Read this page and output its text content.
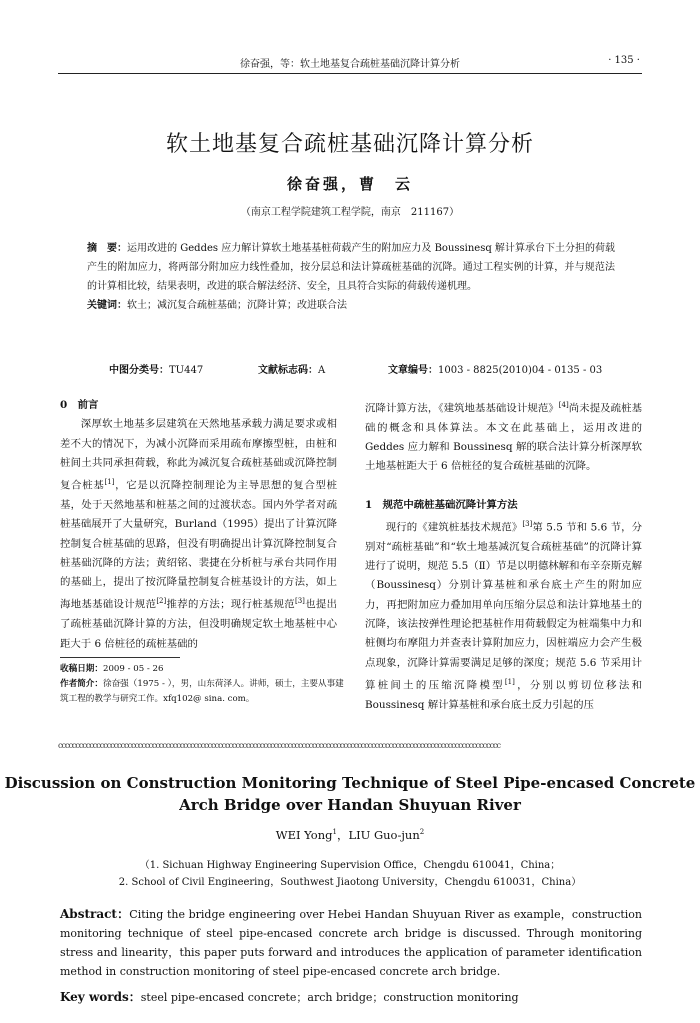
徐奋强，等：软土地基复合疏桩基础沉降计算分析	· 135 ·
软土地基复合疏桩基础沉降计算分析
徐奋强，曹　云
（南京工程学院建筑工程学院，南京　211167）
摘　要：运用改进的 Geddes 应力解计算软土地基基桩荷载产生的附加应力及 Boussinesq 解计算承台下土分担的荷载产生的附加应力，将两部分附加应力线性叠加，按分层总和法计算疏桩基础的沉降。通过工程实例的计算，并与规范法的计算相比较，结果表明，改进的联合解法经济、安全，且具符合实际的荷载传递机理。
关键词：软土；减沉复合疏桩基础；沉降计算；改进联合法
中图分类号：TU447	文献标志码：A	文章编号：1003 - 8825(2010)04 - 0135 - 03

0　前言

深厚软土地基多层建筑在天然地基承载力满足要求或相差不大的情况下，为减小沉降而采用疏布摩擦型桩，由桩和桩间土共同承担荷载，称此为减沉复合疏桩基础或沉降控制复合桩基[1]，它是以沉降控制理论为主导思想的复合型桩基，处于天然地基和桩基之间的过渡状态。国内外学者对疏桩基础展开了大量研究，Burland（1995）提出了计算沉降控制复合桩基础的思路，但没有明确提出计算沉降控制复合桩基础沉降的方法；黄绍铭、裴捷在分析桩与承台共同作用的基础上，提出了按沉降量控制复合桩基设计的方法，如上海地基基础设计规范[2]推荐的方法；现行桩基规范[3]也提出了疏桩基础沉降计算的方法，但没明确规定软土地基桩中心距大于 6 倍桩径的疏桩基础的

沉降计算方法，《建筑地基基础设计规范》[4]尚未提及疏桩基础的概念和具体算法。本文在此基础上，运用改进的 Geddes 应力解和 Boussinesq 解的联合法计算分析深厚软土地基桩距大于 6 倍桩径的复合疏桩基础的沉降。

1　规范中疏桩基础沉降计算方法

现行的《建筑桩基技术规范》[3]第 5.5 节和 5.6 节，分别对“疏桩基础”和“软土地基减沉复合疏桩基础”的沉降计算进行了说明，规范 5.5（Ⅱ）节是以明德林解和布辛奈斯克解（Boussinesq）分别计算基桩和承台底土产生的附加应力，再把附加应力叠加用单向压缩分层总和法计算地基土的沉降，该法按弹性理论把基桩作用荷载假定为桩端集中力和桩侧均布摩阻力并查表计算附加应力，因桩端应力会产生极点现象，沉降计算需要满足足够的深度；规范 5.6 节采用计算桩间土的压缩沉降模型[1]，分别以剪切位移法和 Boussinesq 解计算基桩和承台底土反力引起的压

收稿日期：2009 - 05 - 26
作者简介：徐奋强（1975 - ），男，山东荷泽人。讲师，硕士，主要从事建筑工程的教学与研究工作。xfq102@ sina. com。
ccccccccccccccccccccccccccccccccccccccccccccccccccccccccccccccccccccccccccccccccccccccccccccccccccccccccccccccccccccccccccccccc
Discussion on Construction Monitoring Technique of Steel Pipe-encased Concrete
Arch Bridge over Handan Shuyuan River
WEI Yong$^1$，LIU Guo-jun$^2$
（1. Sichuan Highway Engineering Supervision Office，Chengdu 610041，China；
2. School of Civil Engineering，Southwest Jiaotong University，Chengdu 610031，China）
Abstract：Citing the bridge engineering over Hebei Handan Shuyuan River as example，construction monitoring technique of steel pipe-encased concrete arch bridge is discussed. Through monitoring stress and linearity，this paper puts forward and introduces the application of parameter identification method in construction monitoring of steel pipe-encased concrete arch bridge.
Key words：steel pipe-encased concrete；arch bridge；construction monitoring
